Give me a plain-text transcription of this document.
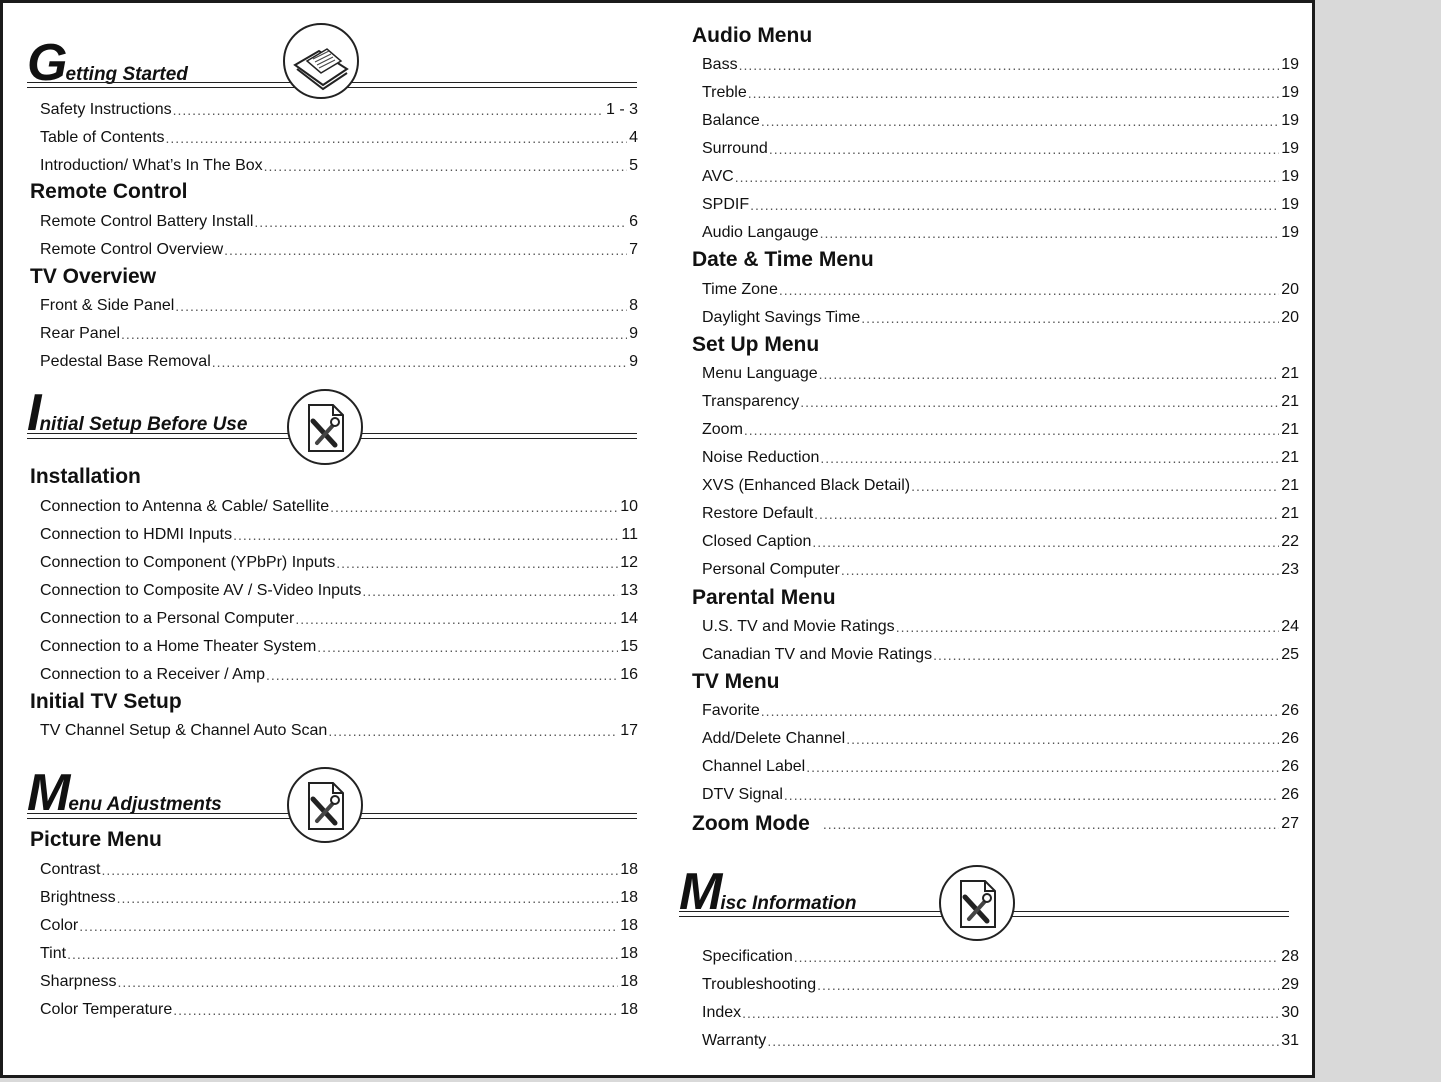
Getting Started
Safety Instructions .....	1 - 3
Table of Contents .....	4
Introduction/ What’s In The Box .....	5
Remote Control
Remote Control Battery Install .....	6
Remote Control Overview .....	7
TV Overview
Front & Side Panel .....	8
Rear Panel .....	9
Pedestal Base Removal .....	9
Initial Setup Before Use
Installation
Connection to Antenna & Cable/ Satellite .....	10
Connection to HDMI Inputs .....	11
Connection to Component (YPbPr) Inputs .....	12
Connection to Composite AV / S-Video Inputs .....	13
Connection to a Personal Computer .....	14
Connection to a Home Theater System .....	15
Connection to a Receiver / Amp .....	16
Initial TV Setup
TV Channel Setup & Channel Auto Scan .....	17
Menu Adjustments
Picture Menu
Contrast .....	18
Brightness .....	18
Color .....	18
Tint .....	18
Sharpness .....	18
Color Temperature .....	18
Audio Menu
Bass .....	19
Treble .....	19
Balance .....	19
Surround .....	19
AVC .....	19
SPDIF .....	19
Audio Langauge .....	19
Date & Time Menu
Time Zone .....	20
Daylight Savings Time .....	20
Set Up Menu
Menu Language .....	21
Transparency .....	21
Zoom .....	21
Noise Reduction .....	21
XVS (Enhanced Black Detail) .....	21
Restore Default .....	21
Closed Caption .....	22
Personal Computer .....	23
Parental Menu
U.S. TV and Movie Ratings .....	24
Canadian TV and Movie Ratings .....	25
TV Menu
Favorite .....	26
Add/Delete Channel .....	26
Channel Label .....	26
DTV Signal .....	26
Zoom Mode .....	27
Misc Information
Specification .....	28
Troubleshooting .....	29
Index .....	30
Warranty .....	31
